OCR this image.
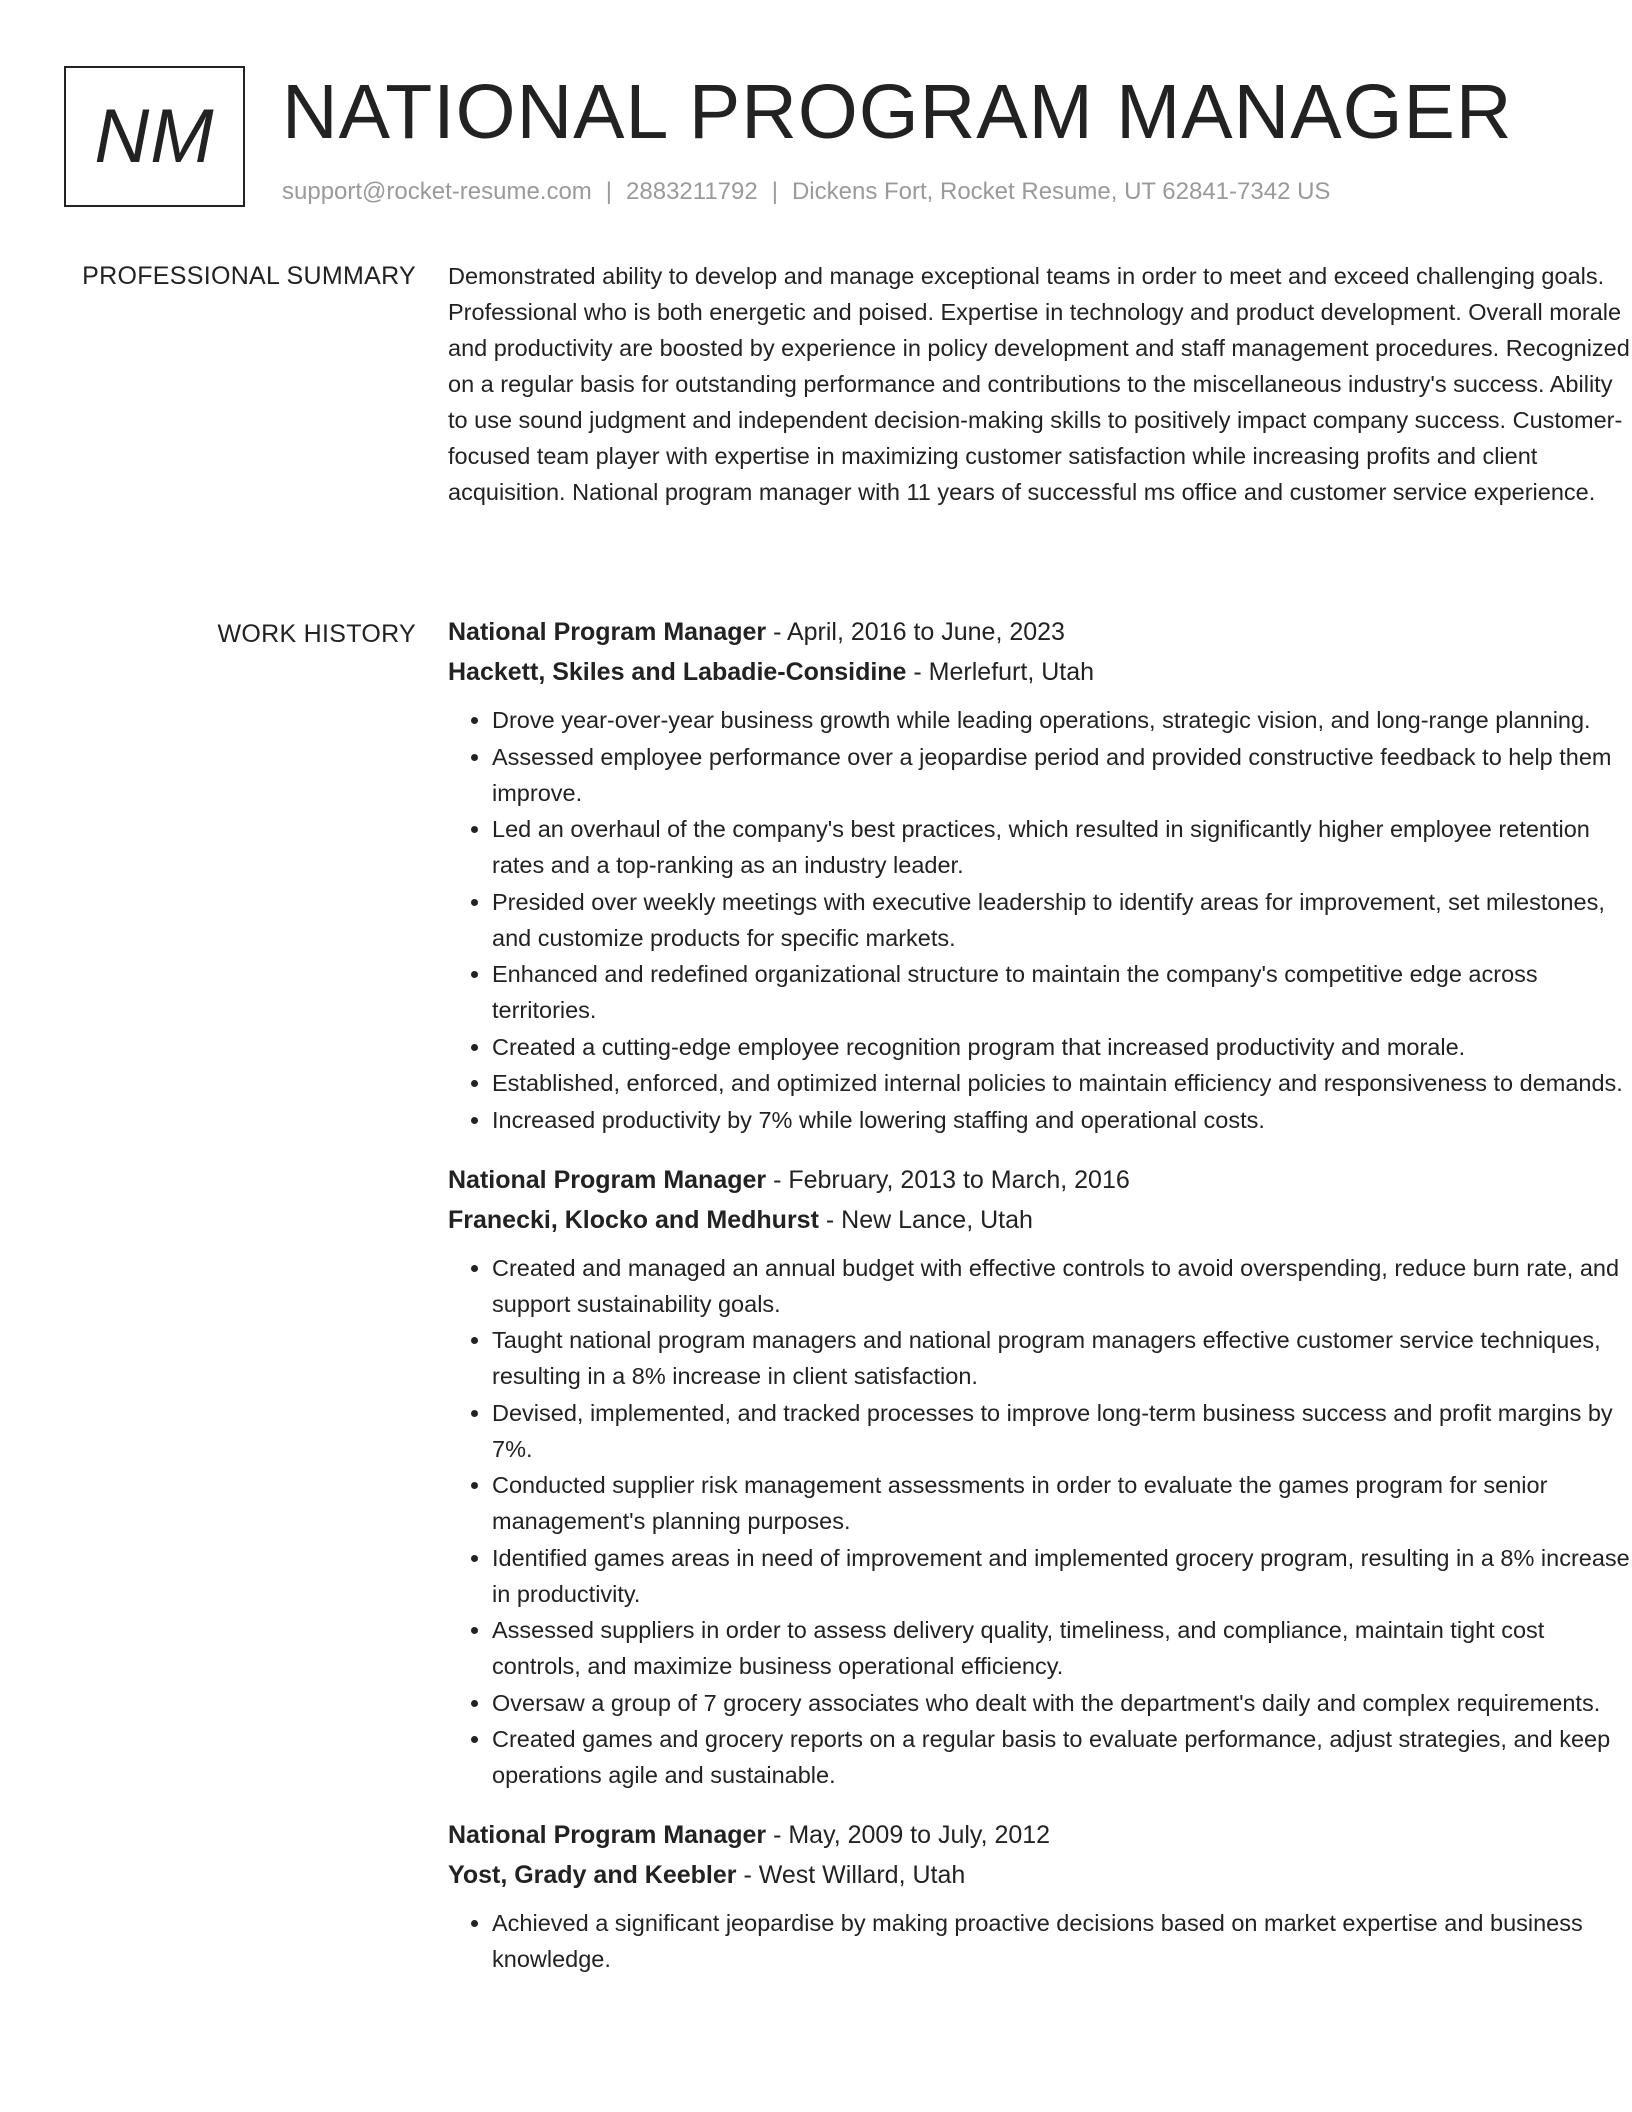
NM NATIONAL PROGRAM MANAGER
support@rocket-resume.com | 2883211792 | Dickens Fort, Rocket Resume, UT 62841-7342 US
PROFESSIONAL SUMMARY Demonstrated ability to develop and manage exceptional teams in order to meet and exceed challenging goals. Professional who is both energetic and poised. Expertise in technology and product development. Overall morale and productivity are boosted by experience in policy development and staff management procedures. Recognized on a regular basis for outstanding performance and contributions to the miscellaneous industry's success. Ability to use sound judgment and independent decision-making skills to positively impact company success. Customer-focused team player with expertise in maximizing customer satisfaction while increasing profits and client acquisition. National program manager with 11 years of successful ms office and customer service experience.

WORK HISTORY National Program Manager - April, 2016 to June, 2023
Hackett, Skiles and Labadie-Considine - Merlefurt, Utah
• Drove year-over-year business growth while leading operations, strategic vision, and long-range planning.
• Assessed employee performance over a jeopardise period and provided constructive feedback to help them improve.
• Led an overhaul of the company's best practices, which resulted in significantly higher employee retention rates and a top-ranking as an industry leader.
• Presided over weekly meetings with executive leadership to identify areas for improvement, set milestones, and customize products for specific markets.
• Enhanced and redefined organizational structure to maintain the company's competitive edge across territories.
• Created a cutting-edge employee recognition program that increased productivity and morale.
• Established, enforced, and optimized internal policies to maintain efficiency and responsiveness to demands.
• Increased productivity by 7% while lowering staffing and operational costs.
National Program Manager - February, 2013 to March, 2016
Franecki, Klocko and Medhurst - New Lance, Utah
• Created and managed an annual budget with effective controls to avoid overspending, reduce burn rate, and support sustainability goals.
• Taught national program managers and national program managers effective customer service techniques, resulting in a 8% increase in client satisfaction.
• Devised, implemented, and tracked processes to improve long-term business success and profit margins by 7%.
• Conducted supplier risk management assessments in order to evaluate the games program for senior management's planning purposes.
• Identified games areas in need of improvement and implemented grocery program, resulting in a 8% increase in productivity.
• Assessed suppliers in order to assess delivery quality, timeliness, and compliance, maintain tight cost controls, and maximize business operational efficiency.
• Oversaw a group of 7 grocery associates who dealt with the department's daily and complex requirements.
• Created games and grocery reports on a regular basis to evaluate performance, adjust strategies, and keep operations agile and sustainable.
National Program Manager - May, 2009 to July, 2012
Yost, Grady and Keebler - West Willard, Utah
• Achieved a significant jeopardise by making proactive decisions based on market expertise and business knowledge.
